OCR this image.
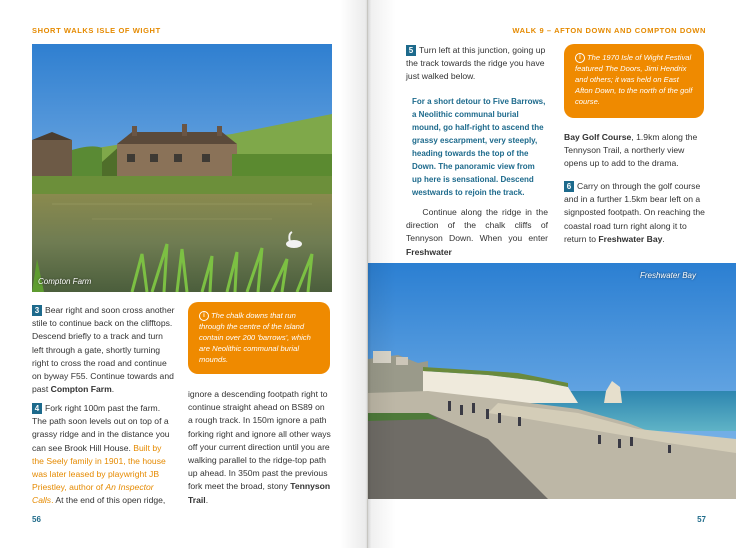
SHORT WALKS ISLE OF WIGHT
Compton Farm

3 Bear right and soon cross another stile to continue back on the clifftops. Descend briefly to a track and turn left through a gate, shortly turning right to cross the road and continue on byway F55. Continue towards and past Compton Farm.

4 Fork right 100m past the farm. The path soon levels out on top of a grassy ridge and in the distance you can see Brook Hill House. Built by the Seely family in 1901, the house was later leased by playwright JB Priestley, author of An Inspector Calls. At the end of this open ridge,

i The chalk downs that run through the centre of the Island contain over 200 'barrows', which are Neolithic communal burial mounds.

ignore a descending footpath right to continue straight ahead on BS89 on a rough track. In 150m ignore a path forking right and ignore all other ways off your current direction until you are walking parallel to the ridge-top path up ahead. In 350m past the previous fork meet the broad, stony Tennyson Trail.

56
WALK 9 – AFTON DOWN AND COMPTON DOWN

5 Turn left at this junction, going up the track towards the ridge you have just walked below.

For a short detour to Five Barrows, a Neolithic communal burial mound, go half-right to ascend the grassy escarpment, very steeply, heading towards the top of the Down. The panoramic view from up here is sensational. Descend westwards to rejoin the track.

Continue along the ridge in the direction of the chalk cliffs of Tennyson Down. When you enter Freshwater

i The 1970 Isle of Wight Festival featured The Doors, Jimi Hendrix and others; it was held on East Afton Down, to the north of the golf course.

Bay Golf Course, 1.9km along the Tennyson Trail, a northerly view opens up to add to the drama.

6 Carry on through the golf course and in a further 1.5km bear left on a signposted footpath. On reaching the coastal road turn right along it to return to Freshwater Bay.

Freshwater Bay
57
